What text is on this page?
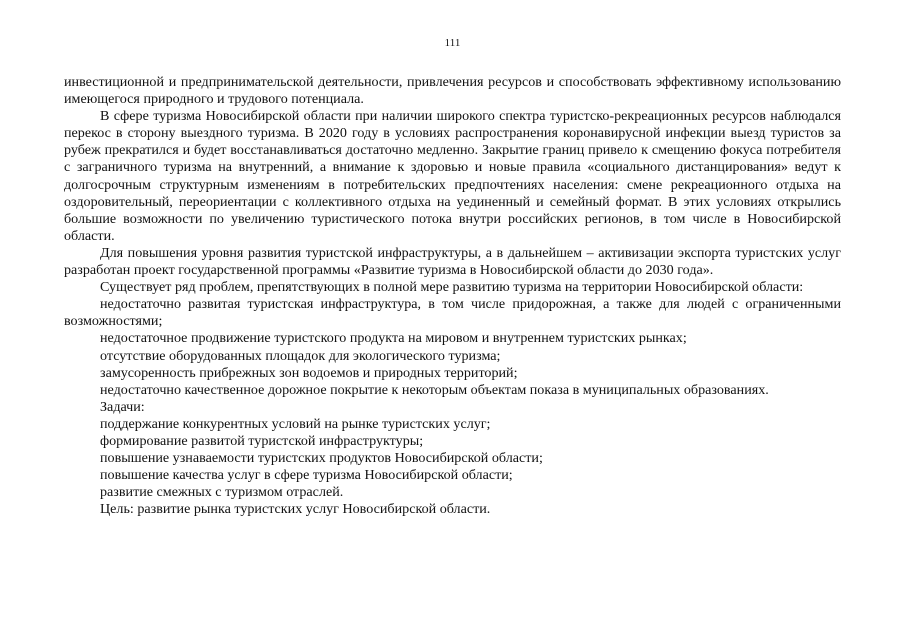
111

инвестиционной и предпринимательской деятельности, привлечения ресурсов и способствовать эффективному использованию имеющегося природного и трудового потенциала.

В сфере туризма Новосибирской области при наличии широкого спектра туристско-рекреационных ресурсов наблюдался перекос в сторону выездного туризма. В 2020 году в условиях распространения коронавирусной инфекции выезд туристов за рубеж прекратился и будет восстанавливаться достаточно медленно. Закрытие границ привело к смещению фокуса потребителя с заграничного туризма на внутренний, а внимание к здоровью и новые правила «социального дистанцирования» ведут к долгосрочным структурным изменениям в потребительских предпочтениях населения: смене рекреационного отдыха на оздоровительный, переориентации с коллективного отдыха на уединенный и семейный формат. В этих условиях открылись большие возможности по увеличению туристического потока внутри российских регионов, в том числе в Новосибирской области.

Для повышения уровня развития туристской инфраструктуры, а в дальнейшем – активизации экспорта туристских услуг разработан проект государственной программы «Развитие туризма в Новосибирской области до 2030 года».

Существует ряд проблем, препятствующих в полной мере развитию туризма на территории Новосибирской области:

недостаточно развитая туристская инфраструктура, в том числе придорожная, а также для людей с ограниченными возможностями;

недостаточное продвижение туристского продукта на мировом и внутреннем туристских рынках;

отсутствие оборудованных площадок для экологического туризма;

замусоренность прибрежных зон водоемов и природных территорий;

недостаточно качественное дорожное покрытие к некоторым объектам показа в муниципальных образованиях.

Задачи:

поддержание конкурентных условий на рынке туристских услуг;

формирование развитой туристской инфраструктуры;

повышение узнаваемости туристских продуктов Новосибирской области;

повышение качества услуг в сфере туризма Новосибирской области;

развитие смежных с туризмом отраслей.

Цель: развитие рынка туристских услуг Новосибирской области.
